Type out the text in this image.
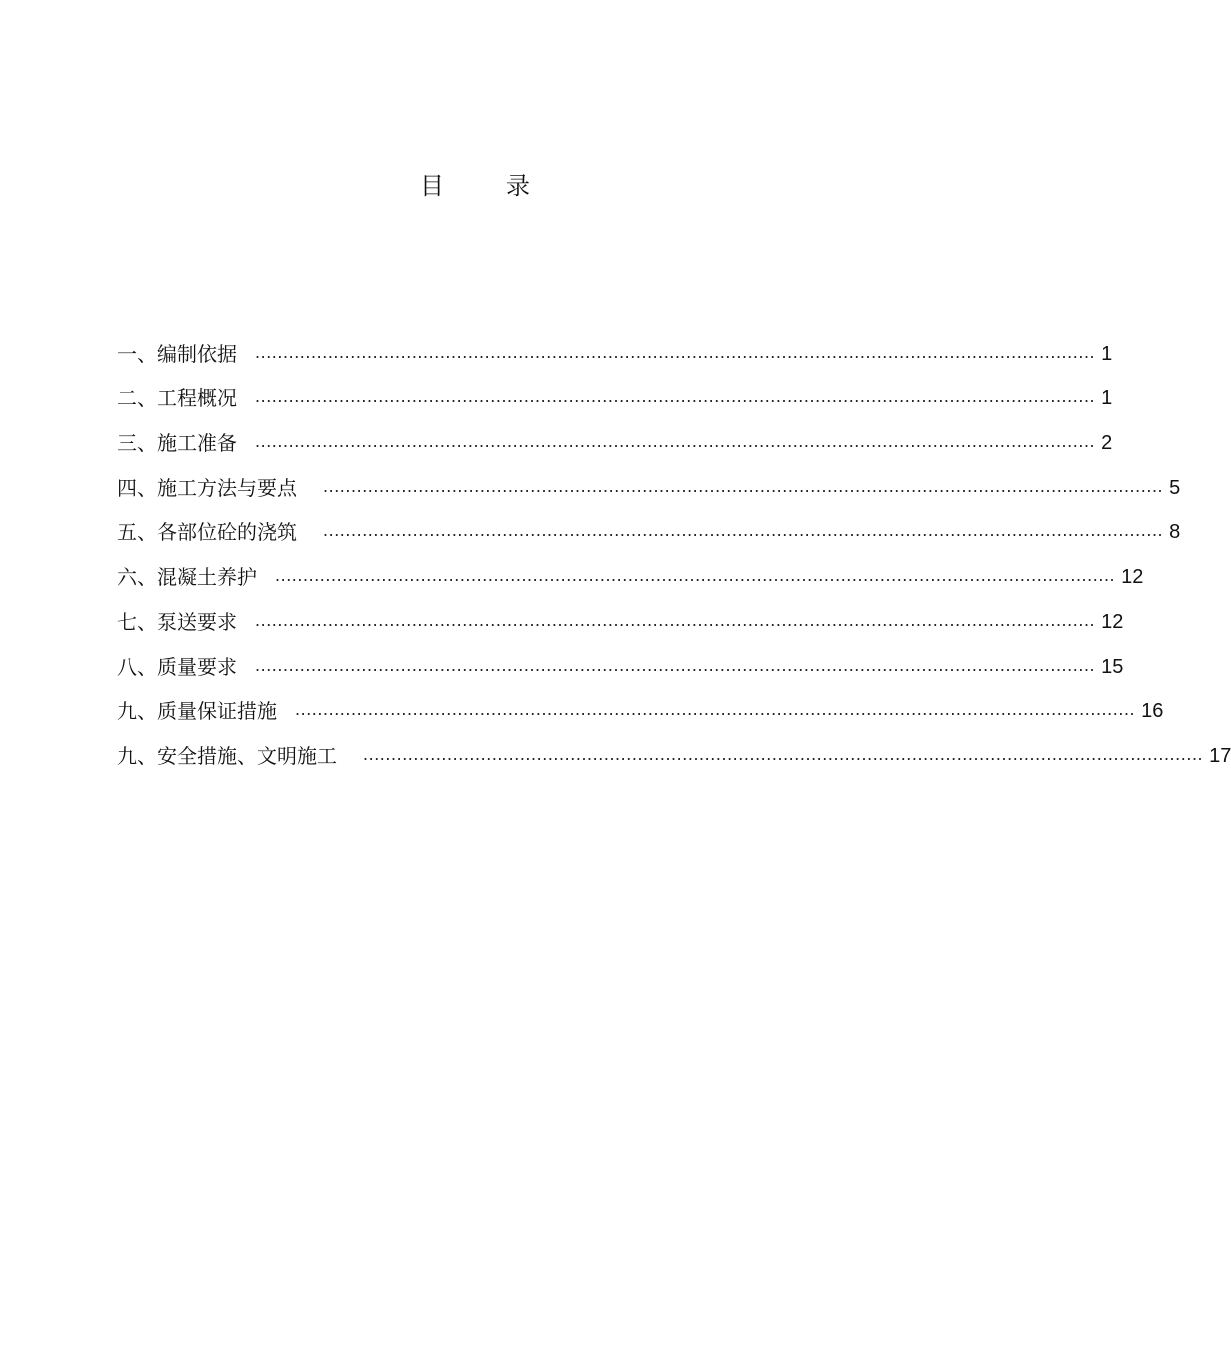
目	录
一、 编制依据	...................................................................................................................................................... 1
二、 工程概况	...................................................................................................................................................... 1
三、 施工准备	...................................................................................................................................................... 2
四、 施工方法与要点	...................................................................................................................................................... 5
五、 各部位砼的浇筑	...................................................................................................................................................... 8
六、 混凝土养护	...................................................................................................................................................... 12
七、 泵送要求	...................................................................................................................................................... 12
八、 质量要求	...................................................................................................................................................... 15
九、 质量保证措施	...................................................................................................................................................... 16
九、 安全措施、文明施工	...................................................................................................................................................... 17
